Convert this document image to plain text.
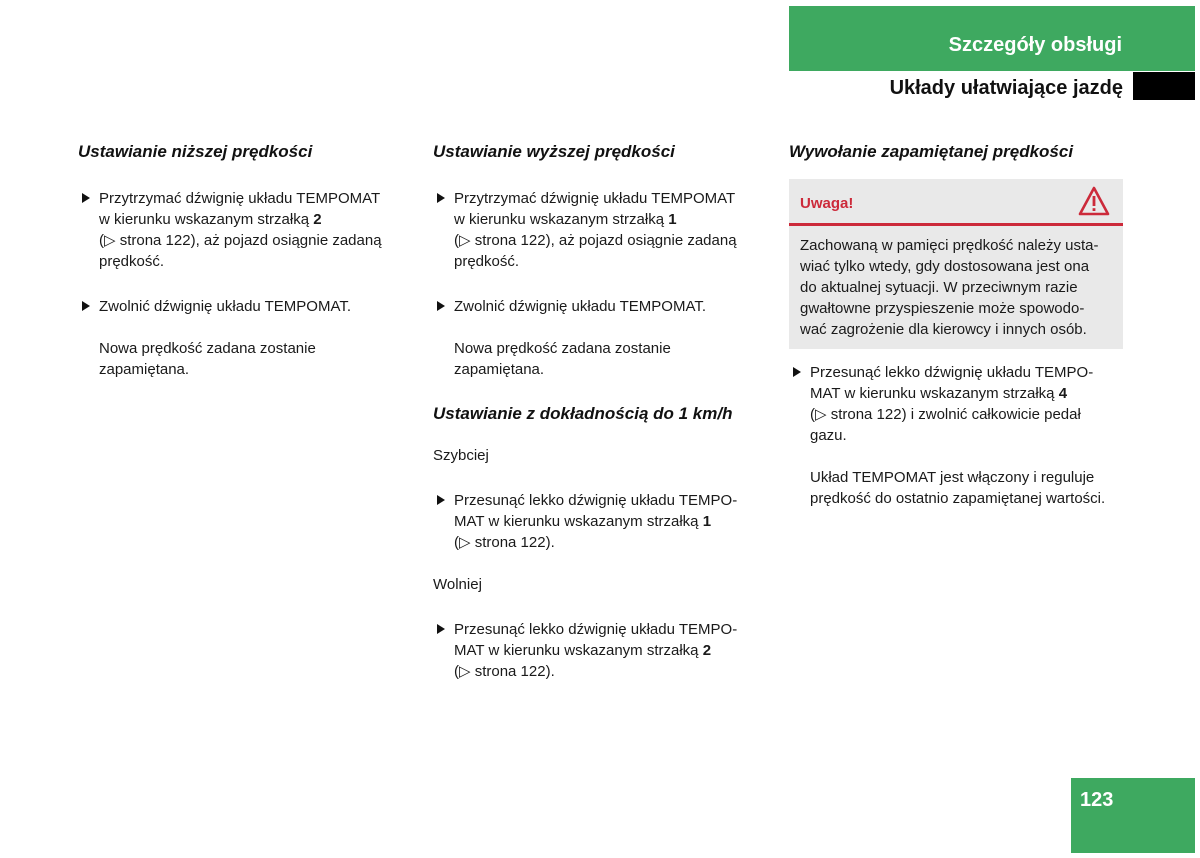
Szczegóły obsługi
Układy ułatwiające jazdę
Ustawianie niższej prędkości
Przytrzymać dźwignię układu TEMPOMAT
w kierunku wskazanym strzałką 2
(▷ strona 122), aż pojazd osiągnie zadaną
prędkość.
Zwolnić dźwignię układu TEMPOMAT.
Nowa prędkość zadana zostanie
zapamiętana.
Ustawianie wyższej prędkości
Przytrzymać dźwignię układu TEMPOMAT
w kierunku wskazanym strzałką 1
(▷ strona 122), aż pojazd osiągnie zadaną
prędkość.
Zwolnić dźwignię układu TEMPOMAT.
Nowa prędkość zadana zostanie
zapamiętana.
Ustawianie z dokładnością do 1 km/h
Szybciej
Przesunąć lekko dźwignię układu TEMPO-
MAT w kierunku wskazanym strzałką 1
(▷ strona 122).
Wolniej
Przesunąć lekko dźwignię układu TEMPO-
MAT w kierunku wskazanym strzałką 2
(▷ strona 122).
Wywołanie zapamiętanej prędkości
Uwaga!
Zachowaną w pamięci prędkość należy usta-
wiać tylko wtedy, gdy dostosowana jest ona
do aktualnej sytuacji. W przeciwnym razie
gwałtowne przyspieszenie może spowodo-
wać zagrożenie dla kierowcy i innych osób.
Przesunąć lekko dźwignię układu TEMPO-
MAT w kierunku wskazanym strzałką 4
(▷ strona 122) i zwolnić całkowicie pedał
gazu.
Układ TEMPOMAT jest włączony i reguluje
prędkość do ostatnio zapamiętanej wartości.
123
